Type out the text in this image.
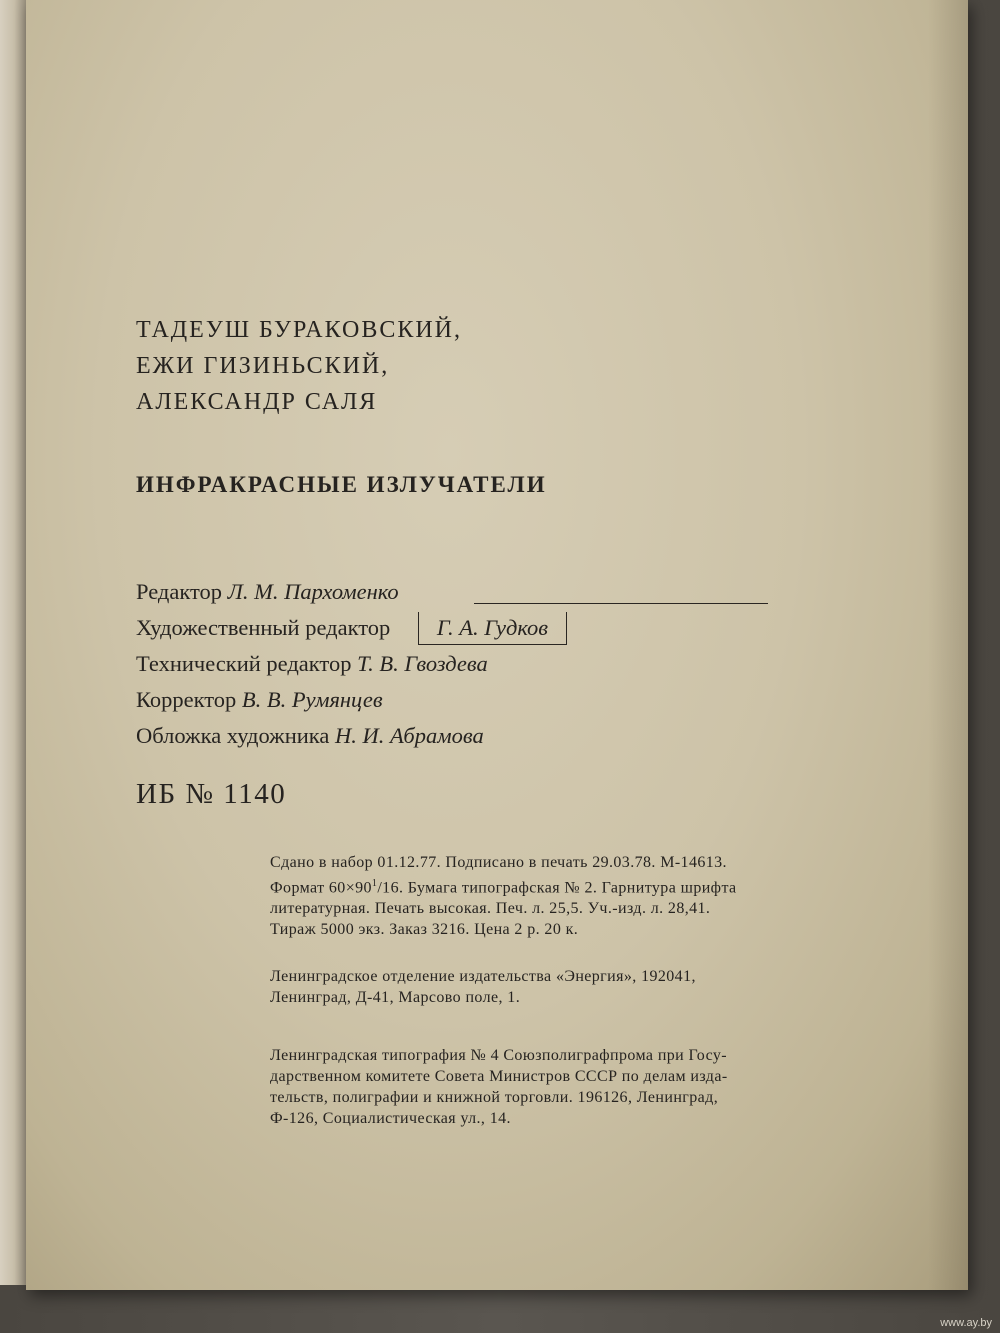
ТАДЕУШ БУРАКОВСКИЙ,
ЕЖИ ГИЗИНЬСКИЙ,
АЛЕКСАНДР САЛЯ
ИНФРАКРАСНЫЕ ИЗЛУЧАТЕЛИ
Редактор Л. М. Пархоменко
Художественный редактор Г. А. Гудков
Технический редактор Т. В. Гвоздева
Корректор В. В. Румянцев
Обложка художника Н. И. Абрамова
ИБ № 1140
Сдано в набор 01.12.77. Подписано в печать 29.03.78. М-14613.
Формат $60\times 90^1/16$. Бумага типографская № 2. Гарнитура шрифта
литературная. Печать высокая. Печ. л. 25,5. Уч.-изд. л. 28,41.
Тираж 5000 экз. Заказ 3216. Цена 2 р. 20 к.
Ленинградское отделение издательства «Энергия», 192041,
Ленинград, Д-41, Марсово поле, 1.
Ленинградская типография № 4 Союзполиграфпрома при Госу-
дарственном комитете Совета Министров СССР по делам изда-
тельств, полиграфии и книжной торговли. 196126, Ленинград,
Ф-126, Социалистическая ул., 14.
www.ay.by
